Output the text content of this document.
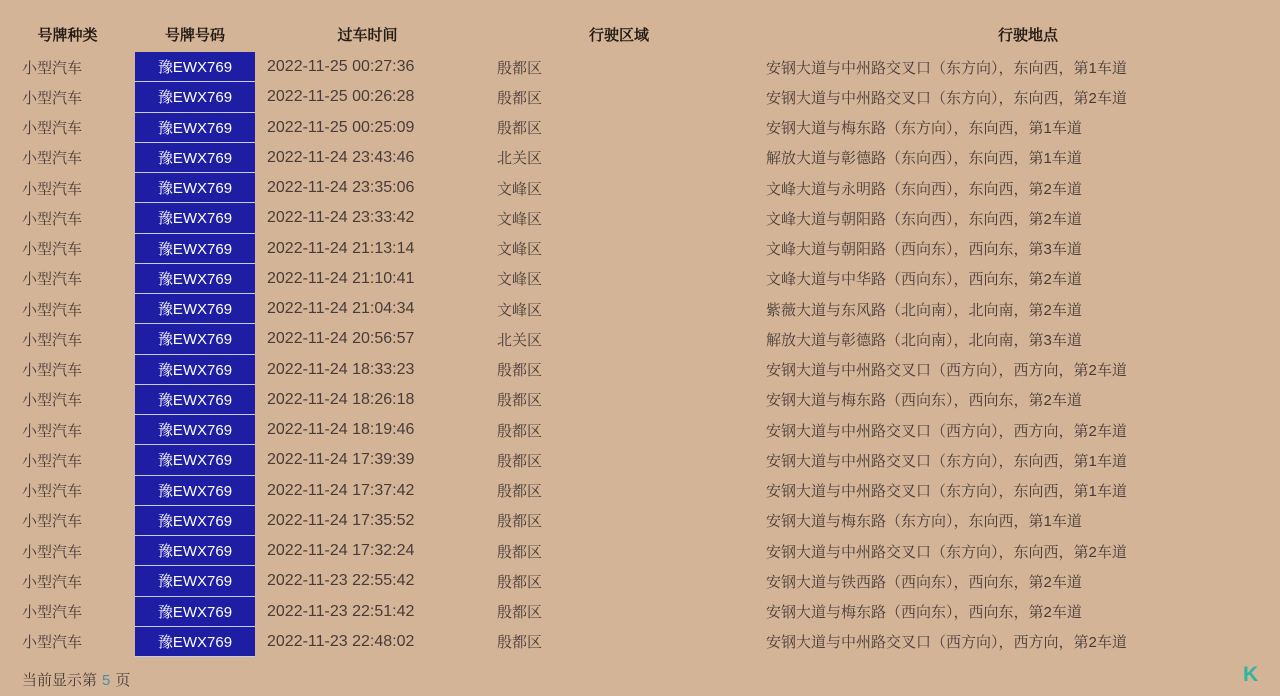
号牌种类	号牌号码	过车时间	行驶区域	行驶地点
小型汽车	豫EWX769	2022-11-25 00:27:36	殷都区	安钢大道与中州路交叉口（东方向），东向西，第1车道
小型汽车	豫EWX769	2022-11-25 00:26:28	殷都区	安钢大道与中州路交叉口（东方向），东向西，第2车道
小型汽车	豫EWX769	2022-11-25 00:25:09	殷都区	安钢大道与梅东路（东方向），东向西，第1车道
小型汽车	豫EWX769	2022-11-24 23:43:46	北关区	解放大道与彰德路（东向西），东向西，第1车道
小型汽车	豫EWX769	2022-11-24 23:35:06	文峰区	文峰大道与永明路（东向西），东向西，第2车道
小型汽车	豫EWX769	2022-11-24 23:33:42	文峰区	文峰大道与朝阳路（东向西），东向西，第2车道
小型汽车	豫EWX769	2022-11-24 21:13:14	文峰区	文峰大道与朝阳路（西向东），西向东，第3车道
小型汽车	豫EWX769	2022-11-24 21:10:41	文峰区	文峰大道与中华路（西向东），西向东，第2车道
小型汽车	豫EWX769	2022-11-24 21:04:34	文峰区	紫薇大道与东风路（北向南），北向南，第2车道
小型汽车	豫EWX769	2022-11-24 20:56:57	北关区	解放大道与彰德路（北向南），北向南，第3车道
小型汽车	豫EWX769	2022-11-24 18:33:23	殷都区	安钢大道与中州路交叉口（西方向），西方向，第2车道
小型汽车	豫EWX769	2022-11-24 18:26:18	殷都区	安钢大道与梅东路（西向东），西向东，第2车道
小型汽车	豫EWX769	2022-11-24 18:19:46	殷都区	安钢大道与中州路交叉口（西方向），西方向，第2车道
小型汽车	豫EWX769	2022-11-24 17:39:39	殷都区	安钢大道与中州路交叉口（东方向），东向西，第1车道
小型汽车	豫EWX769	2022-11-24 17:37:42	殷都区	安钢大道与中州路交叉口（东方向），东向西，第1车道
小型汽车	豫EWX769	2022-11-24 17:35:52	殷都区	安钢大道与梅东路（东方向），东向西，第1车道
小型汽车	豫EWX769	2022-11-24 17:32:24	殷都区	安钢大道与中州路交叉口（东方向），东向西，第2车道
小型汽车	豫EWX769	2022-11-23 22:55:42	殷都区	安钢大道与铁西路（西向东），西向东，第2车道
小型汽车	豫EWX769	2022-11-23 22:51:42	殷都区	安钢大道与梅东路（西向东），西向东，第2车道
小型汽车	豫EWX769	2022-11-23 22:48:02	殷都区	安钢大道与中州路交叉口（西方向），西方向，第2车道
当前显示第 5 页	K
